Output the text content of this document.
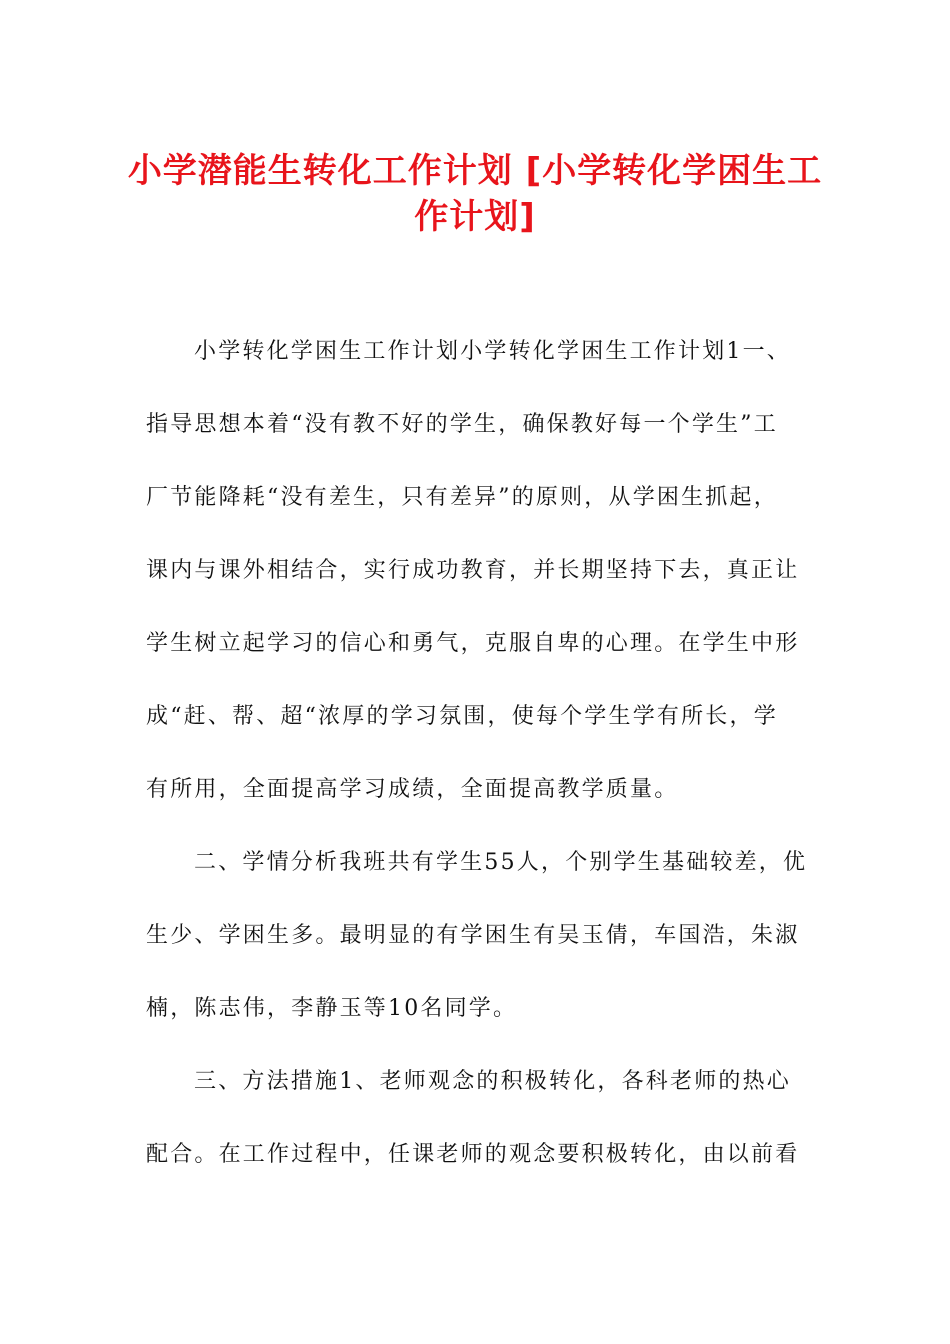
小学潜能生转化工作计划 [小学转化学困生工
作计划]
小学转化学困生工作计划小学转化学困生工作计划1一、
指导思想本着“没有教不好的学生，确保教好每一个学生”工
厂节能降耗“没有差生，只有差异”的原则，从学困生抓起，
课内与课外相结合，实行成功教育，并长期坚持下去，真正让
学生树立起学习的信心和勇气，克服自卑的心理。在学生中形
成“赶、帮、超“浓厚的学习氛围，使每个学生学有所长，学
有所用，全面提高学习成绩，全面提高教学质量。
二、学情分析我班共有学生55人，个别学生基础较差，优
生少、学困生多。最明显的有学困生有吴玉倩，车国浩，朱淑
楠，陈志伟，李静玉等10名同学。
三、方法措施1、老师观念的积极转化，各科老师的热心
配合。在工作过程中，任课老师的观念要积极转化，由以前看
